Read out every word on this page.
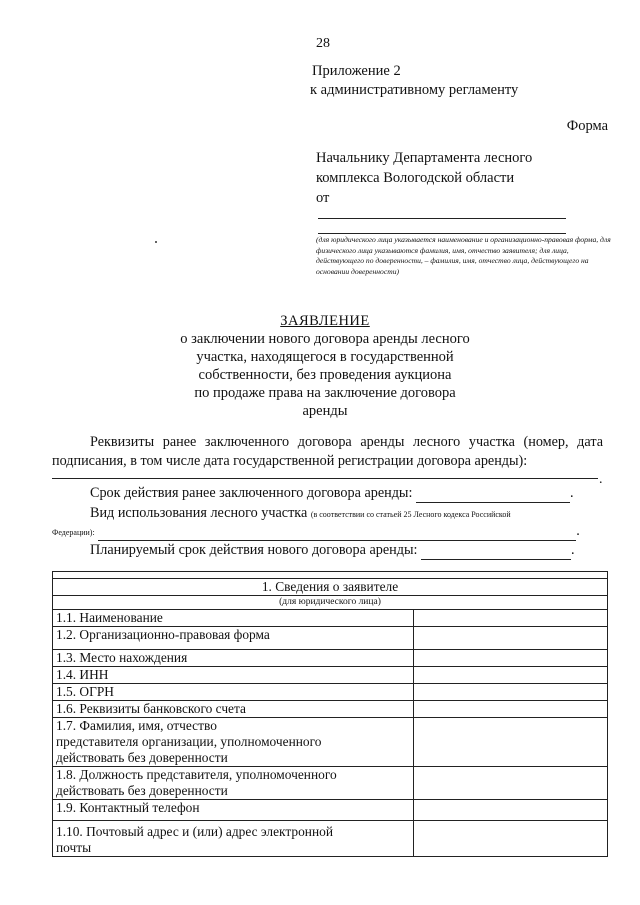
28
Приложение 2
к административному регламенту
Форма
Начальнику Департамента лесного
комплекса Вологодской области
от
(для юридического лица указывается наименование и организационно-правовая форма, для физического лица указываются фамилия, имя, отчество заявителя; для лица, действующего по доверенности, – фамилия, имя, отчество лица, действующего на основании доверенности)
ЗАЯВЛЕНИЕ
о заключении нового договора аренды лесного
участка, находящегося в государственной
собственности, без проведения аукциона
по продаже права на заключение договора
аренды
Реквизиты ранее заключенного договора аренды лесного участка (номер, дата подписания, в том числе дата государственной регистрации договора аренды):
.
Срок действия ранее заключенного договора аренды:	.
Вид использования лесного участка (в соответствии со статьей 25 Лесного кодекса Российской
Федерации):	.
Планируемый срок действия нового договора аренды:	.

1. Сведения о заявителе	
(для юридического лица)	
1.1. Наименование	
1.2. Организационно-правовая форма	
1.3. Место нахождения	
1.4. ИНН	
1.5. ОГРН	
1.6. Реквизиты банковского счета	

1.7. Фамилия, имя, отчество
представителя организации, уполномоченного
действовать без доверенности	

1.8. Должность представителя, уполномоченного
действовать без доверенности	

1.9. Контактный телефон	

1.10. Почтовый адрес и (или) адрес электронной
почты	
